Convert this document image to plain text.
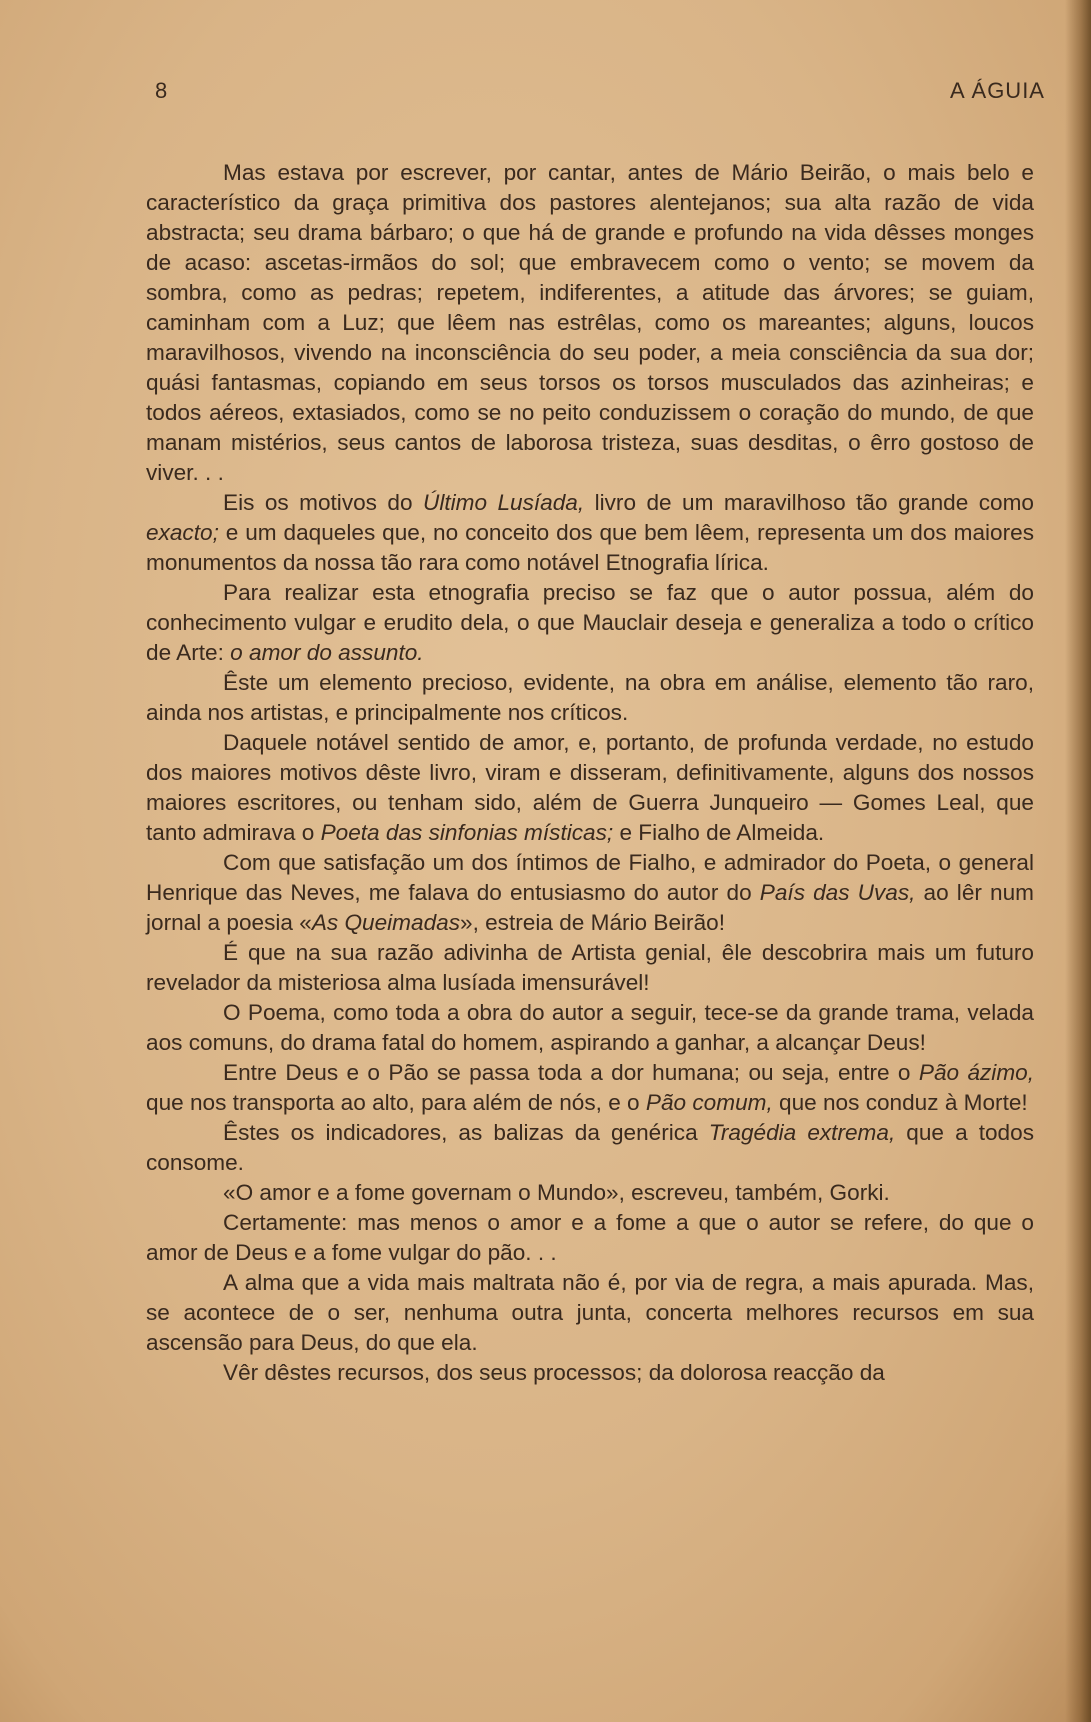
8	A ÁGUIA

Mas estava por escrever, por cantar, antes de Mário Beirão, o mais belo e característico da graça primitiva dos pastores alentejanos; sua alta razão de vida abstracta; seu drama bárbaro; o que há de grande e profundo na vida dêsses monges de acaso: ascetas-irmãos do sol; que embravecem como o vento; se movem da sombra, como as pedras; repetem, indiferentes, a atitude das árvores; se guiam, caminham com a Luz; que lêem nas estrêlas, como os mareantes; alguns, loucos maravilhosos, vivendo na inconsciência do seu poder, a meia consciência da sua dor; quási fantasmas, copiando em seus torsos os torsos musculados das azinheiras; e todos aéreos, extasiados, como se no peito conduzissem o coração do mundo, de que manam mistérios, seus cantos de laborosa tristeza, suas desditas, o êrro gostoso de viver. . .

Eis os motivos do Último Lusíada, livro de um maravilhoso tão grande como exacto; e um daqueles que, no conceito dos que bem lêem, representa um dos maiores monumentos da nossa tão rara como notável Etnografia lírica.

Para realizar esta etnografia preciso se faz que o autor possua, além do conhecimento vulgar e erudito dela, o que Mauclair deseja e generaliza a todo o crítico de Arte: o amor do assunto.

Êste um elemento precioso, evidente, na obra em análise, elemento tão raro, ainda nos artistas, e principalmente nos críticos.

Daquele notável sentido de amor, e, portanto, de profunda verdade, no estudo dos maiores motivos dêste livro, viram e disseram, definitivamente, alguns dos nossos maiores escritores, ou tenham sido, além de Guerra Junqueiro — Gomes Leal, que tanto admirava o Poeta das sinfonias místicas; e Fialho de Almeida.

Com que satisfação um dos íntimos de Fialho, e admirador do Poeta, o general Henrique das Neves, me falava do entusiasmo do autor do País das Uvas, ao lêr num jornal a poesia «As Queimadas», estreia de Mário Beirão!

É que na sua razão adivinha de Artista genial, êle descobrira mais um futuro revelador da misteriosa alma lusíada imensurável!

O Poema, como toda a obra do autor a seguir, tece-se da grande trama, velada aos comuns, do drama fatal do homem, aspirando a ganhar, a alcançar Deus!

Entre Deus e o Pão se passa toda a dor humana; ou seja, entre o Pão ázimo, que nos transporta ao alto, para além de nós, e o Pão comum, que nos conduz à Morte!

Êstes os indicadores, as balizas da genérica Tragédia extrema, que a todos consome.

«O amor e a fome governam o Mundo», escreveu, também, Gorki.

Certamente: mas menos o amor e a fome a que o autor se refere, do que o amor de Deus e a fome vulgar do pão. . .

A alma que a vida mais maltrata não é, por via de regra, a mais apurada. Mas, se acontece de o ser, nenhuma outra junta, concerta melhores recursos em sua ascensão para Deus, do que ela.

Vêr dêstes recursos, dos seus processos; da dolorosa reacção da
